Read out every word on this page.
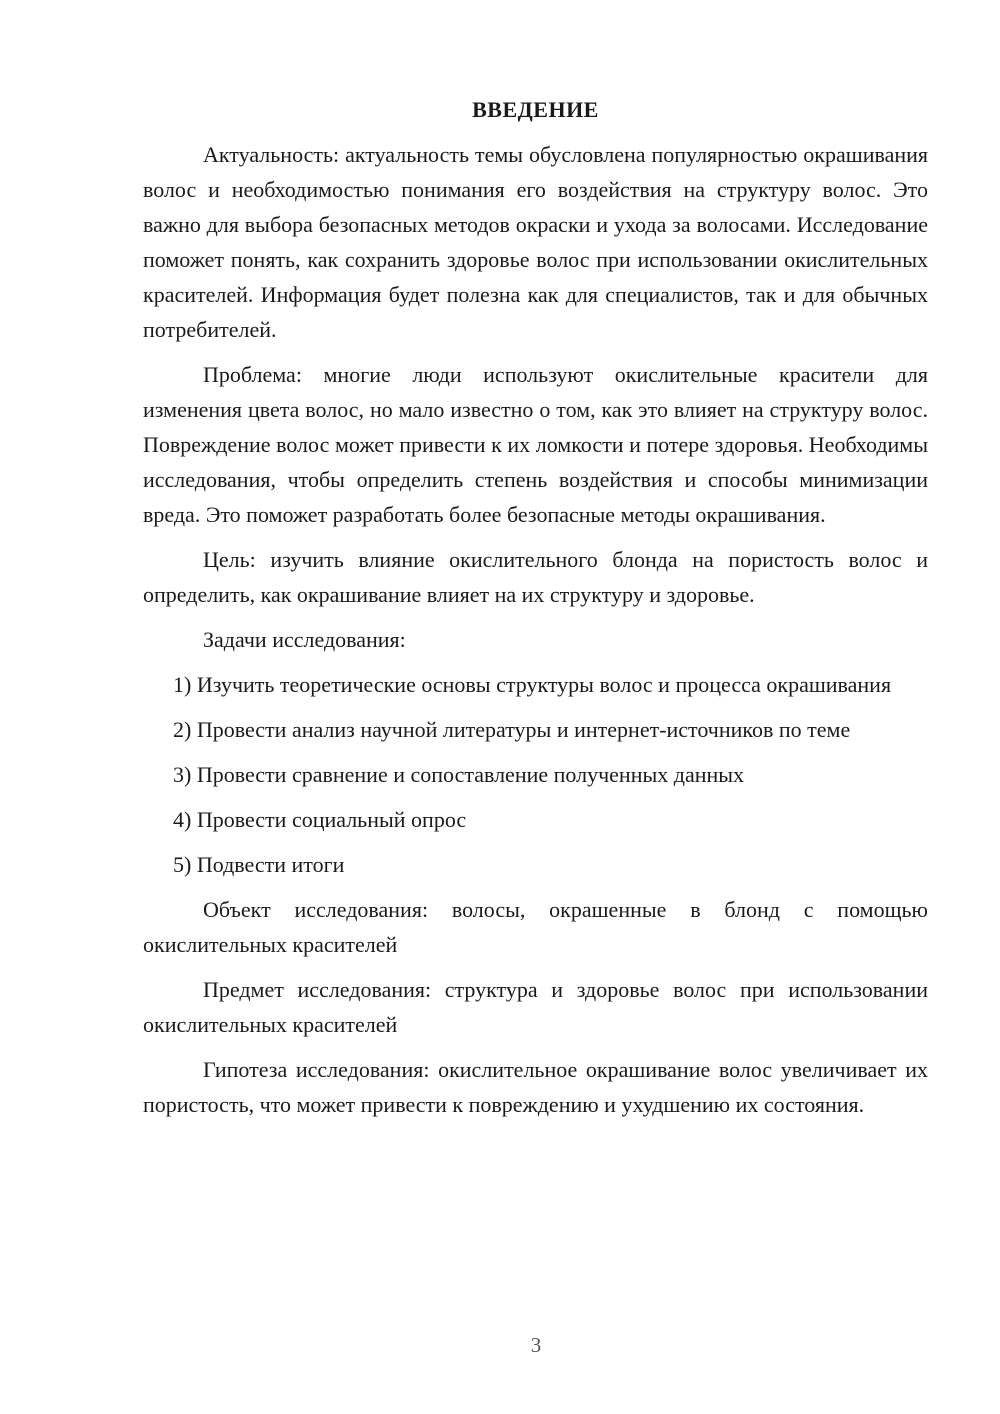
ВВЕДЕНИЕ

Актуальность: актуальность темы обусловлена популярностью окрашивания волос и необходимостью понимания его воздействия на структуру волос. Это важно для выбора безопасных методов окраски и ухода за волосами. Исследование поможет понять, как сохранить здоровье волос при использовании окислительных красителей. Информация будет полезна как для специалистов, так и для обычных потребителей.

Проблема: многие люди используют окислительные красители для изменения цвета волос, но мало известно о том, как это влияет на структуру волос. Повреждение волос может привести к их ломкости и потере здоровья. Необходимы исследования, чтобы определить степень воздействия и способы минимизации вреда. Это поможет разработать более безопасные методы окрашивания.

Цель: изучить влияние окислительного блонда на пористость волос и определить, как окрашивание влияет на их структуру и здоровье.

Задачи исследования:

1) Изучить теоретические основы структуры волос и процесса окрашивания

2) Провести анализ научной литературы и интернет-источников по теме

3) Провести сравнение и сопоставление полученных данных

4) Провести социальный опрос

5) Подвести итоги

Объект исследования: волосы, окрашенные в блонд с помощью окислительных красителей

Предмет исследования: структура и здоровье волос при использовании окислительных красителей

Гипотеза исследования: окислительное окрашивание волос увеличивает их пористость, что может привести к повреждению и ухудшению их состояния.

3
